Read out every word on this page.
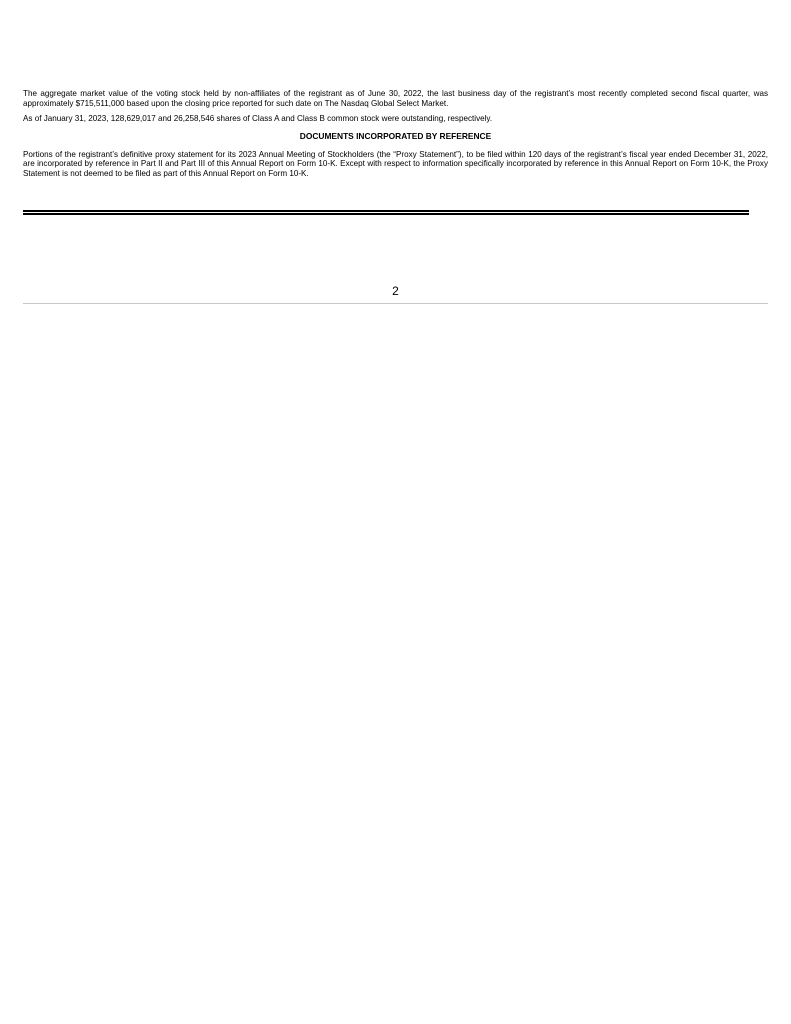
The aggregate market value of the voting stock held by non-affiliates of the registrant as of June 30, 2022, the last business day of the registrant’s most recently completed second fiscal quarter, was approximately $715,511,000 based upon the closing price reported for such date on The Nasdaq Global Select Market.

As of January 31, 2023, 128,629,017 and 26,258,546 shares of Class A and Class B common stock were outstanding, respectively.

DOCUMENTS INCORPORATED BY REFERENCE

Portions of the registrant’s definitive proxy statement for its 2023 Annual Meeting of Stockholders (the “Proxy Statement”), to be filed within 120 days of the registrant’s fiscal year ended December 31, 2022, are incorporated by reference in Part II and Part III of this Annual Report on Form 10-K. Except with respect to information specifically incorporated by reference in this Annual Report on Form 10-K, the Proxy Statement is not deemed to be filed as part of this Annual Report on Form 10-K.

2
